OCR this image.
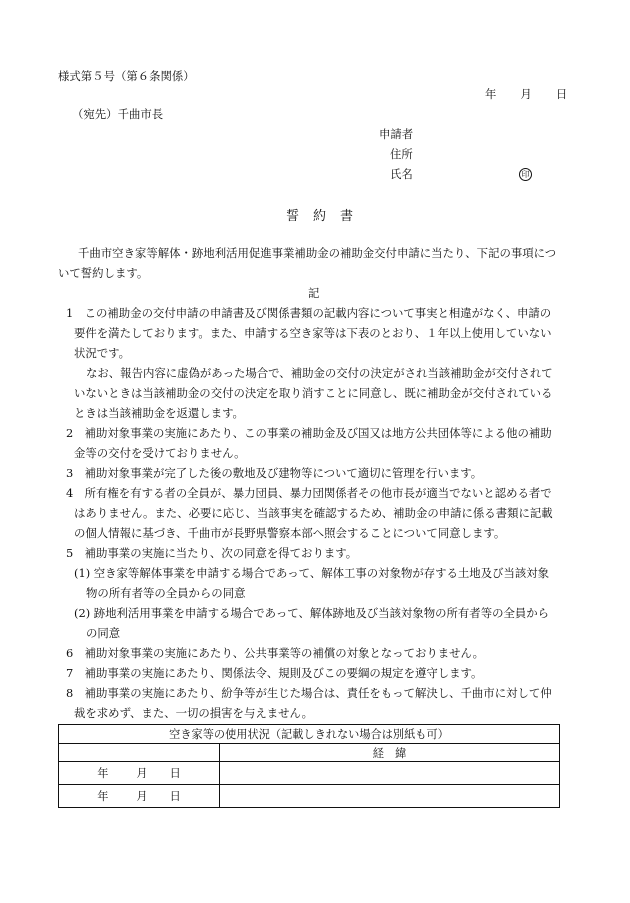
様式第５号（第６条関係）
年 月 日
（宛先）千曲市長
申請者
住所
氏名	印
誓約書
千曲市空き家等解体・跡地利活用促進事業補助金の補助金交付申請に当たり、下記の事項につ
いて誓約します。
記
1　この補助金の交付申請の申請書及び関係書類の記載内容について事実と相違がなく、申請の
要件を満たしております。また、申請する空き家等は下表のとおり、１年以上使用していない
状況です。
なお、報告内容に虚偽があった場合で、補助金の交付の決定がされ当該補助金が交付されて
いないときは当該補助金の交付の決定を取り消すことに同意し、既に補助金が交付されている
ときは当該補助金を返還します。
2　補助対象事業の実施にあたり、この事業の補助金及び国又は地方公共団体等による他の補助
金等の交付を受けておりません。
3　補助対象事業が完了した後の敷地及び建物等について適切に管理を行います。
4　所有権を有する者の全員が、暴力団員、暴力団関係者その他市長が適当でないと認める者で
はありません。また、必要に応じ、当該事実を確認するため、補助金の申請に係る書類に記載
の個人情報に基づき、千曲市が長野県警察本部へ照会することについて同意します。
5　補助事業の実施に当たり、次の同意を得ております。
(1) 空き家等解体事業を申請する場合であって、解体工事の対象物が存する土地及び当該対象
物の所有者等の全員からの同意
(2) 跡地利活用事業を申請する場合であって、解体跡地及び当該対象物の所有者等の全員から
の同意
6　補助対象事業の実施にあたり、公共事業等の補償の対象となっておりません。
7　補助事業の実施にあたり、関係法令、規則及びこの要綱の規定を遵守します。
8　補助事業の実施にあたり、紛争等が生じた場合は、責任をもって解決し、千曲市に対して仲
裁を求めず、また、一切の損害を与えません。
空き家等の使用状況（記載しきれない場合は別紙も可）	
	経　緯
年 月 日	
年 月 日	
